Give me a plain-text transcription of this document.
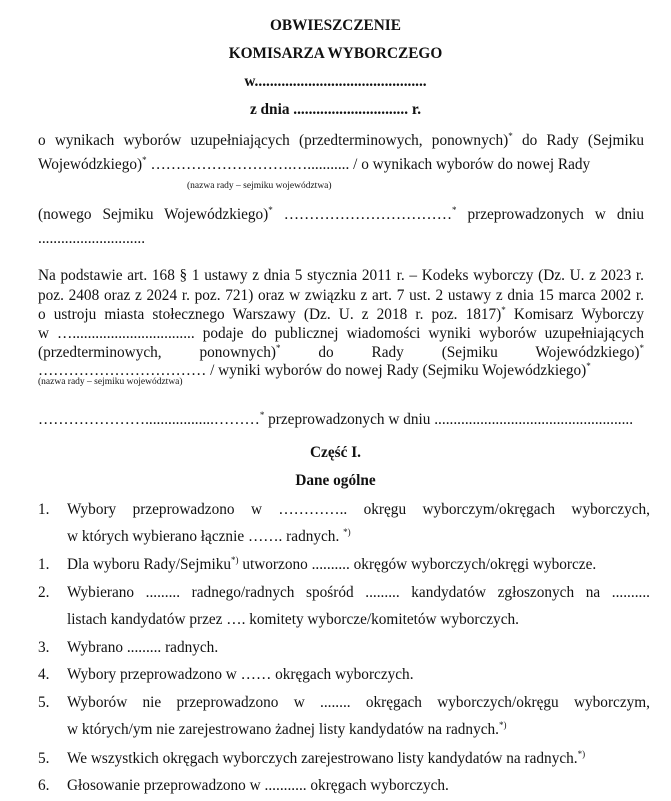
OBWIESZCZENIE
KOMISARZA WYBORCZEGO
w.............................................
z dnia .............................. r.
o wynikach wyborów uzupełniających (przedterminowych, ponownych)* do Rady (Sejmiku
Wojewódzkiego)* ……………………….…........... / o wynikach wyborów do nowej Rady
(nazwa rady – sejmiku województwa)
(nowego Sejmiku Wojewódzkiego)* ……………………………* przeprowadzonych w dniu
............................
Na podstawie art. 168 § 1 ustawy z dnia 5 stycznia 2011 r. – Kodeks wyborczy (Dz. U. z 2023 r.
poz. 2408 oraz z 2024 r. poz. 721) oraz w związku z art. 7 ust. 2 ustawy z dnia 15 marca 2002 r.
o ustroju miasta stołecznego Warszawy (Dz. U. z 2018 r. poz. 1817)* Komisarz Wyborczy
w …................................ podaje do publicznej wiadomości wyniki wyborów uzupełniających
(przedterminowych, ponownych)* do Rady (Sejmiku Wojewódzkiego)*
…………………………… / wyniki wyborów do nowej Rady (Sejmiku Wojewódzkiego)*
(nazwa rady – sejmiku województwa)
…………………..................………* przeprowadzonych w dniu ....................................................
Część I.
Dane ogólne
1. Wybory przeprowadzono w ………….. okręgu wyborczym/okręgach wyborczych,
w których wybierano łącznie ……. radnych. *)
1. Dla wyboru Rady/Sejmiku*) utworzono .......... okręgów wyborczych/okręgi wyborcze.
2. Wybierano ......... radnego/radnych spośród ......... kandydatów zgłoszonych na ..........
listach kandydatów przez …. komitety wyborcze/komitetów wyborczych.
3. Wybrano ......... radnych.
4. Wybory przeprowadzono w …… okręgach wyborczych.
5. Wyborów nie przeprowadzono w ........ okręgach wyborczych/okręgu wyborczym,
w których/ym nie zarejestrowano żadnej listy kandydatów na radnych.*)
5. We wszystkich okręgach wyborczych zarejestrowano listy kandydatów na radnych.*)
6. Głosowanie przeprowadzono w ........... okręgach wyborczych.
